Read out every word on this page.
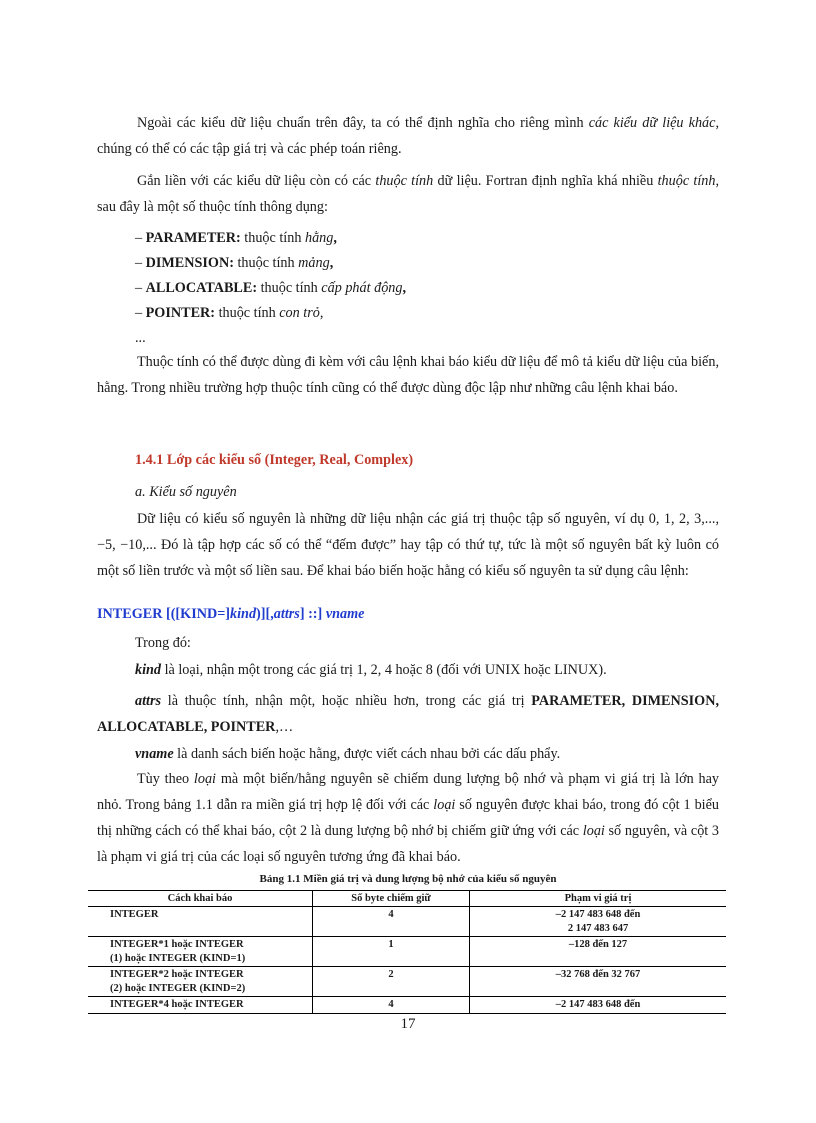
Ngoài các kiểu dữ liệu chuẩn trên đây, ta có thể định nghĩa cho riêng mình các kiểu dữ liệu khác, chúng có thể có các tập giá trị và các phép toán riêng.

Gắn liền với các kiểu dữ liệu còn có các thuộc tính dữ liệu. Fortran định nghĩa khá nhiều thuộc tính, sau đây là một số thuộc tính thông dụng:

– PARAMETER: thuộc tính hằng,
– DIMENSION: thuộc tính mảng,
– ALLOCATABLE: thuộc tính cấp phát động,
– POINTER: thuộc tính con trỏ,
...

Thuộc tính có thể được dùng đi kèm với câu lệnh khai báo kiểu dữ liệu để mô tả kiểu dữ liệu của biến, hằng. Trong nhiều trường hợp thuộc tính cũng có thể được dùng độc lập như những câu lệnh khai báo.

1.4.1 Lớp các kiểu số (Integer, Real, Complex)
a. Kiểu số nguyên

Dữ liệu có kiểu số nguyên là những dữ liệu nhận các giá trị thuộc tập số nguyên, ví dụ 0, 1, 2, 3,..., −5, −10,... Đó là tập hợp các số có thể “đếm được” hay tập có thứ tự, tức là một số nguyên bất kỳ luôn có một số liền trước và một số liền sau. Để khai báo biến hoặc hằng có kiểu số nguyên ta sử dụng câu lệnh:

INTEGER [([KIND=]kind)][,attrs] ::] vname
Trong đó:
kind là loại, nhận một trong các giá trị 1, 2, 4 hoặc 8 (đối với UNIX hoặc LINUX).

attrs là thuộc tính, nhận một, hoặc nhiều hơn, trong các giá trị PARAMETER, DIMENSION, ALLOCATABLE, POINTER,…

vname là danh sách biến hoặc hằng, được viết cách nhau bởi các dấu phẩy.

Tùy theo loại mà một biến/hằng nguyên sẽ chiếm dung lượng bộ nhớ và phạm vi giá trị là lớn hay nhỏ. Trong bảng 1.1 dẫn ra miền giá trị hợp lệ đối với các loại số nguyên được khai báo, trong đó cột 1 biểu thị những cách có thể khai báo, cột 2 là dung lượng bộ nhớ bị chiếm giữ ứng với các loại số nguyên, và cột 3 là phạm vi giá trị của các loại số nguyên tương ứng đã khai báo.

Bảng 1.1 Miền giá trị và dung lượng bộ nhớ của kiểu số nguyên
Cách khai báo	Số byte chiếm giữ	Phạm vi giá trị
INTEGER	4	–2 147 483 648 đến
2 147 483 647
INTEGER*1 hoặc INTEGER
(1) hoặc INTEGER (KIND=1)	1	–128 đến 127
INTEGER*2 hoặc INTEGER
(2) hoặc INTEGER (KIND=2)	2	–32 768 đến 32 767
INTEGER*4 hoặc INTEGER	4	–2 147 483 648 đến
17
